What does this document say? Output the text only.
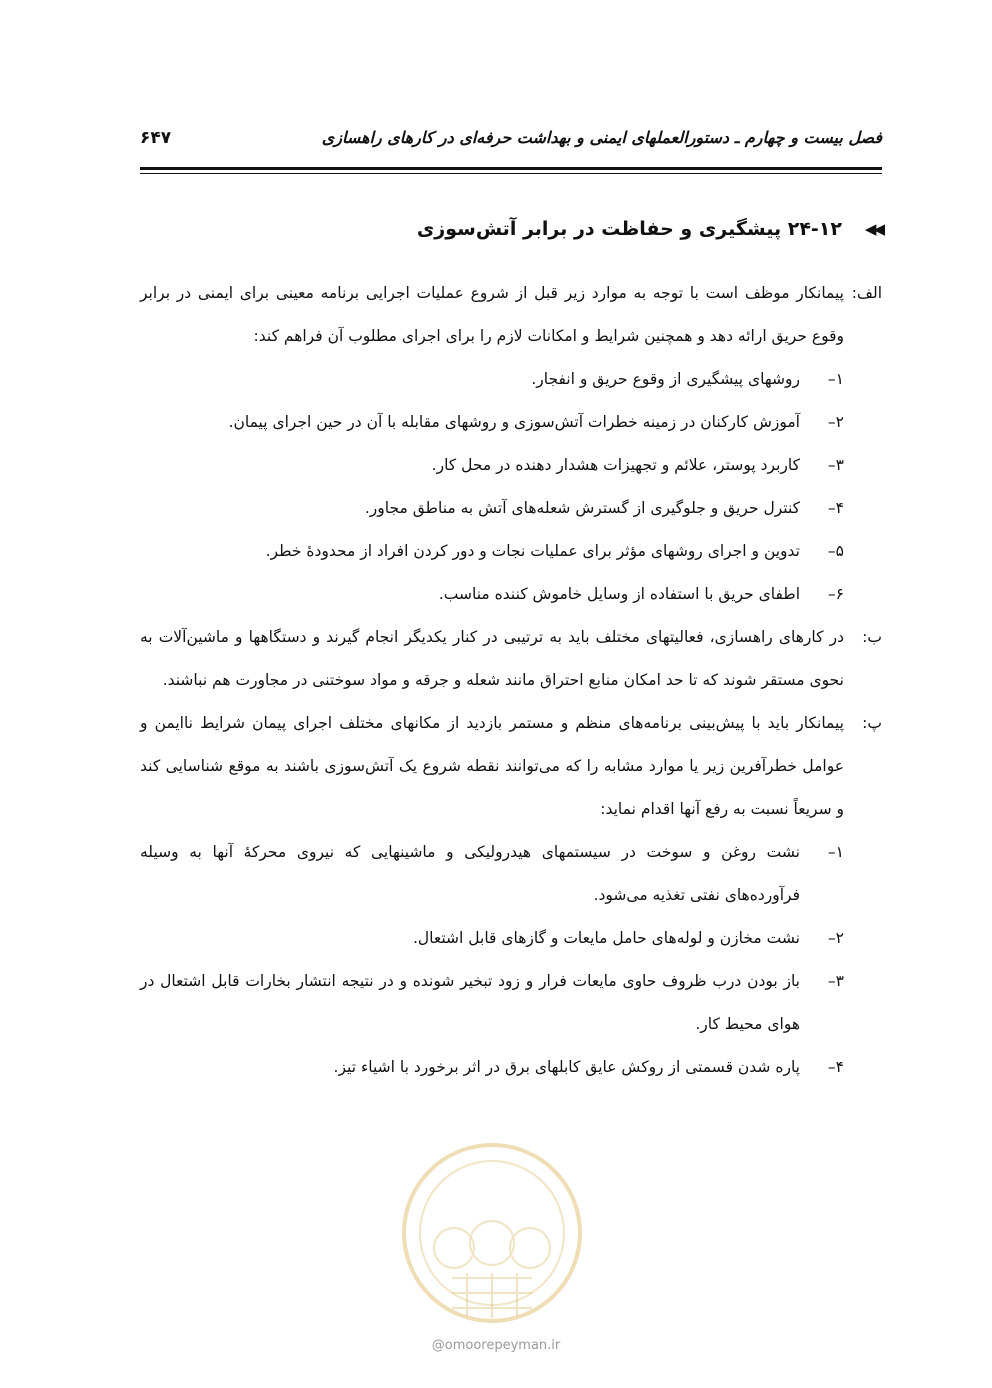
فصل بیست و چهارم ـ دستورالعملهای ایمنی و بهداشت حرفه‌ای در کارهای راهسازی
۶۴۷
◀◀
۲۴-۱۲ پیشگیری و حفاظت در برابر آتش‌سوزی
الف:
پیمانکار موظف است با توجه به موارد زیر قبل از شروع عملیات اجرایی برنامه معینی برای ایمنی در برابر وقوع حریق ارائه دهد و همچنین شرایط و امکانات لازم را برای اجرای مطلوب آن فراهم کند:
۱–
روشهای پیشگیری از وقوع حریق و انفجار.
۲–
آموزش کارکنان در زمینه خطرات آتش‌سوزی و روشهای مقابله با آن در حین اجرای پیمان.
۳–
کاربرد پوستر، علائم و تجهیزات هشدار دهنده در محل کار.
۴–
کنترل حریق و جلوگیری از گسترش شعله‌های آتش به مناطق مجاور.
۵–
تدوین و اجرای روشهای مؤثر برای عملیات نجات و دور کردن افراد از محدودهٔ خطر.
۶–
اطفای حریق با استفاده از وسایل خاموش کننده مناسب.
ب:
در کارهای راهسازی، فعالیتهای مختلف باید به ترتیبی در کنار یکدیگر انجام گیرند و دستگاهها و ماشین‌آلات به نحوی مستقر شوند که تا حد امکان منابع احتراق مانند شعله و جرقه و مواد سوختنی در مجاورت هم نباشند.
پ:
پیمانکار باید با پیش‌بینی برنامه‌های منظم و مستمر بازدید از مکانهای مختلف اجرای پیمان شرایط ناایمن و عوامل خطرآفرین زیر یا موارد مشابه را که می‌توانند نقطه شروع یک آتش‌سوزی باشند به موقع شناسایی کند و سریعاً نسبت به رفع آنها اقدام نماید:
۱–
نشت روغن و سوخت در سیستمهای هیدرولیکی و ماشینهایی که نیروی محرکهٔ آنها به وسیله فرآورده‌های نفتی تغذیه می‌شود.
۲–
نشت مخازن و لوله‌های حامل مایعات و گازهای قابل اشتعال.
۳–
باز بودن درب ظروف حاوی مایعات فرار و زود تبخیر شونده و در نتیجه انتشار بخارات قابل اشتعال در هوای محیط کار.
۴–
پاره شدن قسمتی از روکش عایق کابلهای برق در اثر برخورد با اشیاء تیز.
@omoorepeyman.ir
